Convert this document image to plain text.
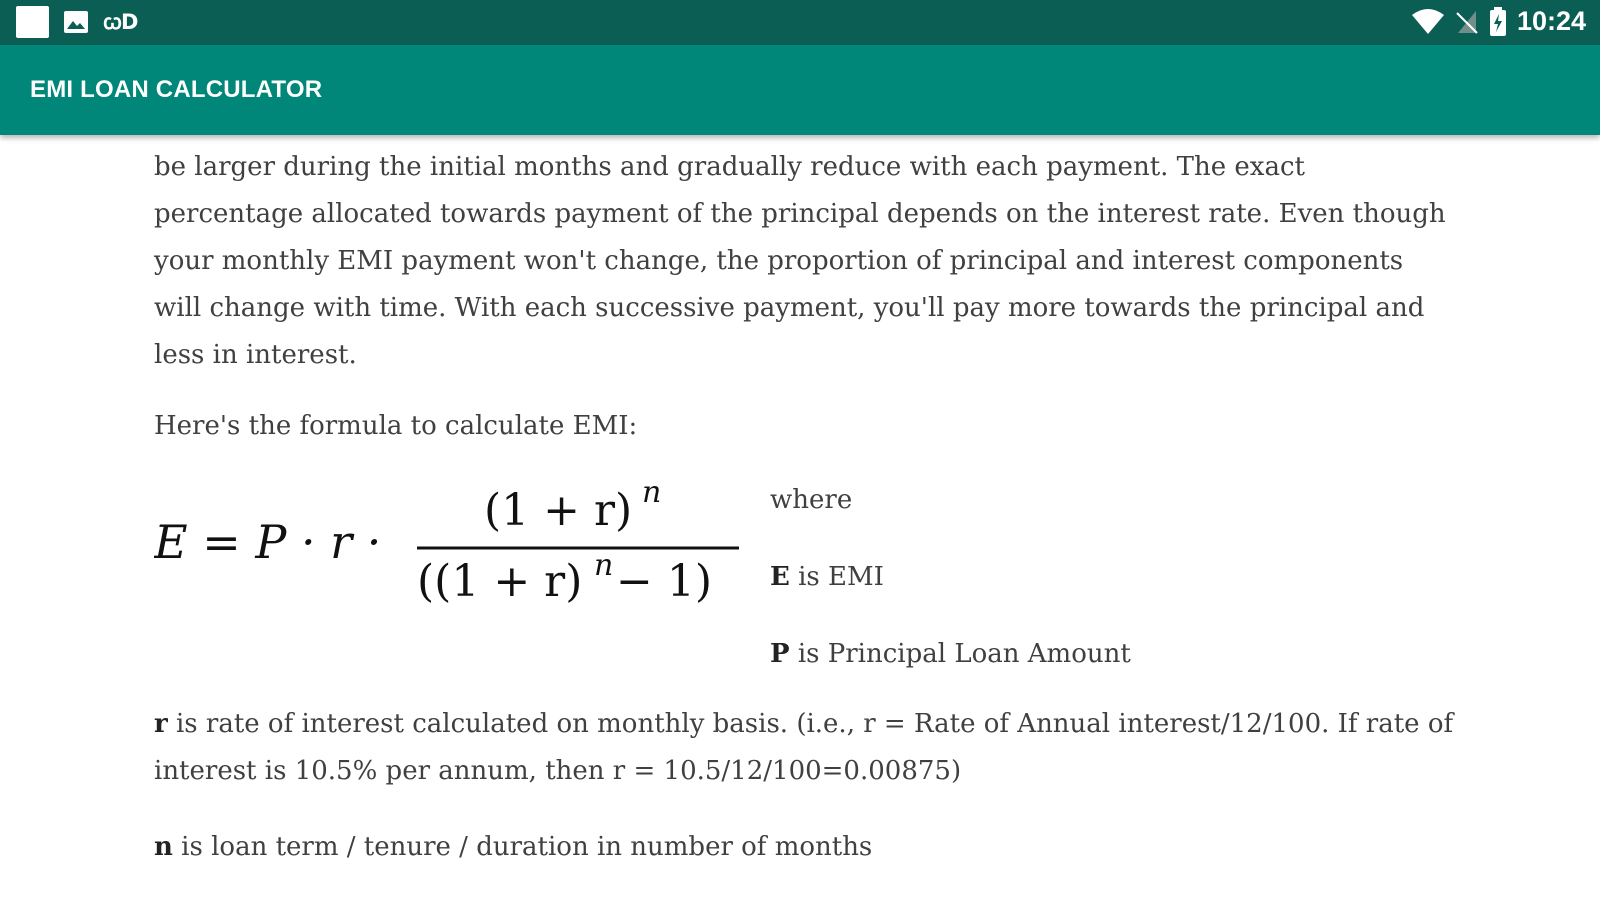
ꞷD	10:24
EMI LOAN CALCULATOR

be larger during the initial months and gradually reduce with each payment. The exact percentage allocated towards payment of the principal depends on the interest rate. Even though your monthly EMI payment won't change, the proportion of principal and interest components will change with time. With each successive payment, you'll pay more towards the principal and less in interest.

Here's the formula to calculate EMI:

E = P · r ·
(1 + r) n
((1 + r) n − 1)
where
E is EMI
P is Principal Loan Amount

r is rate of interest calculated on monthly basis. (i.e., r = Rate of Annual interest/12/100. If rate of interest is 10.5% per annum, then r = 10.5/12/100=0.00875)

n is loan term / tenure / duration in number of months
